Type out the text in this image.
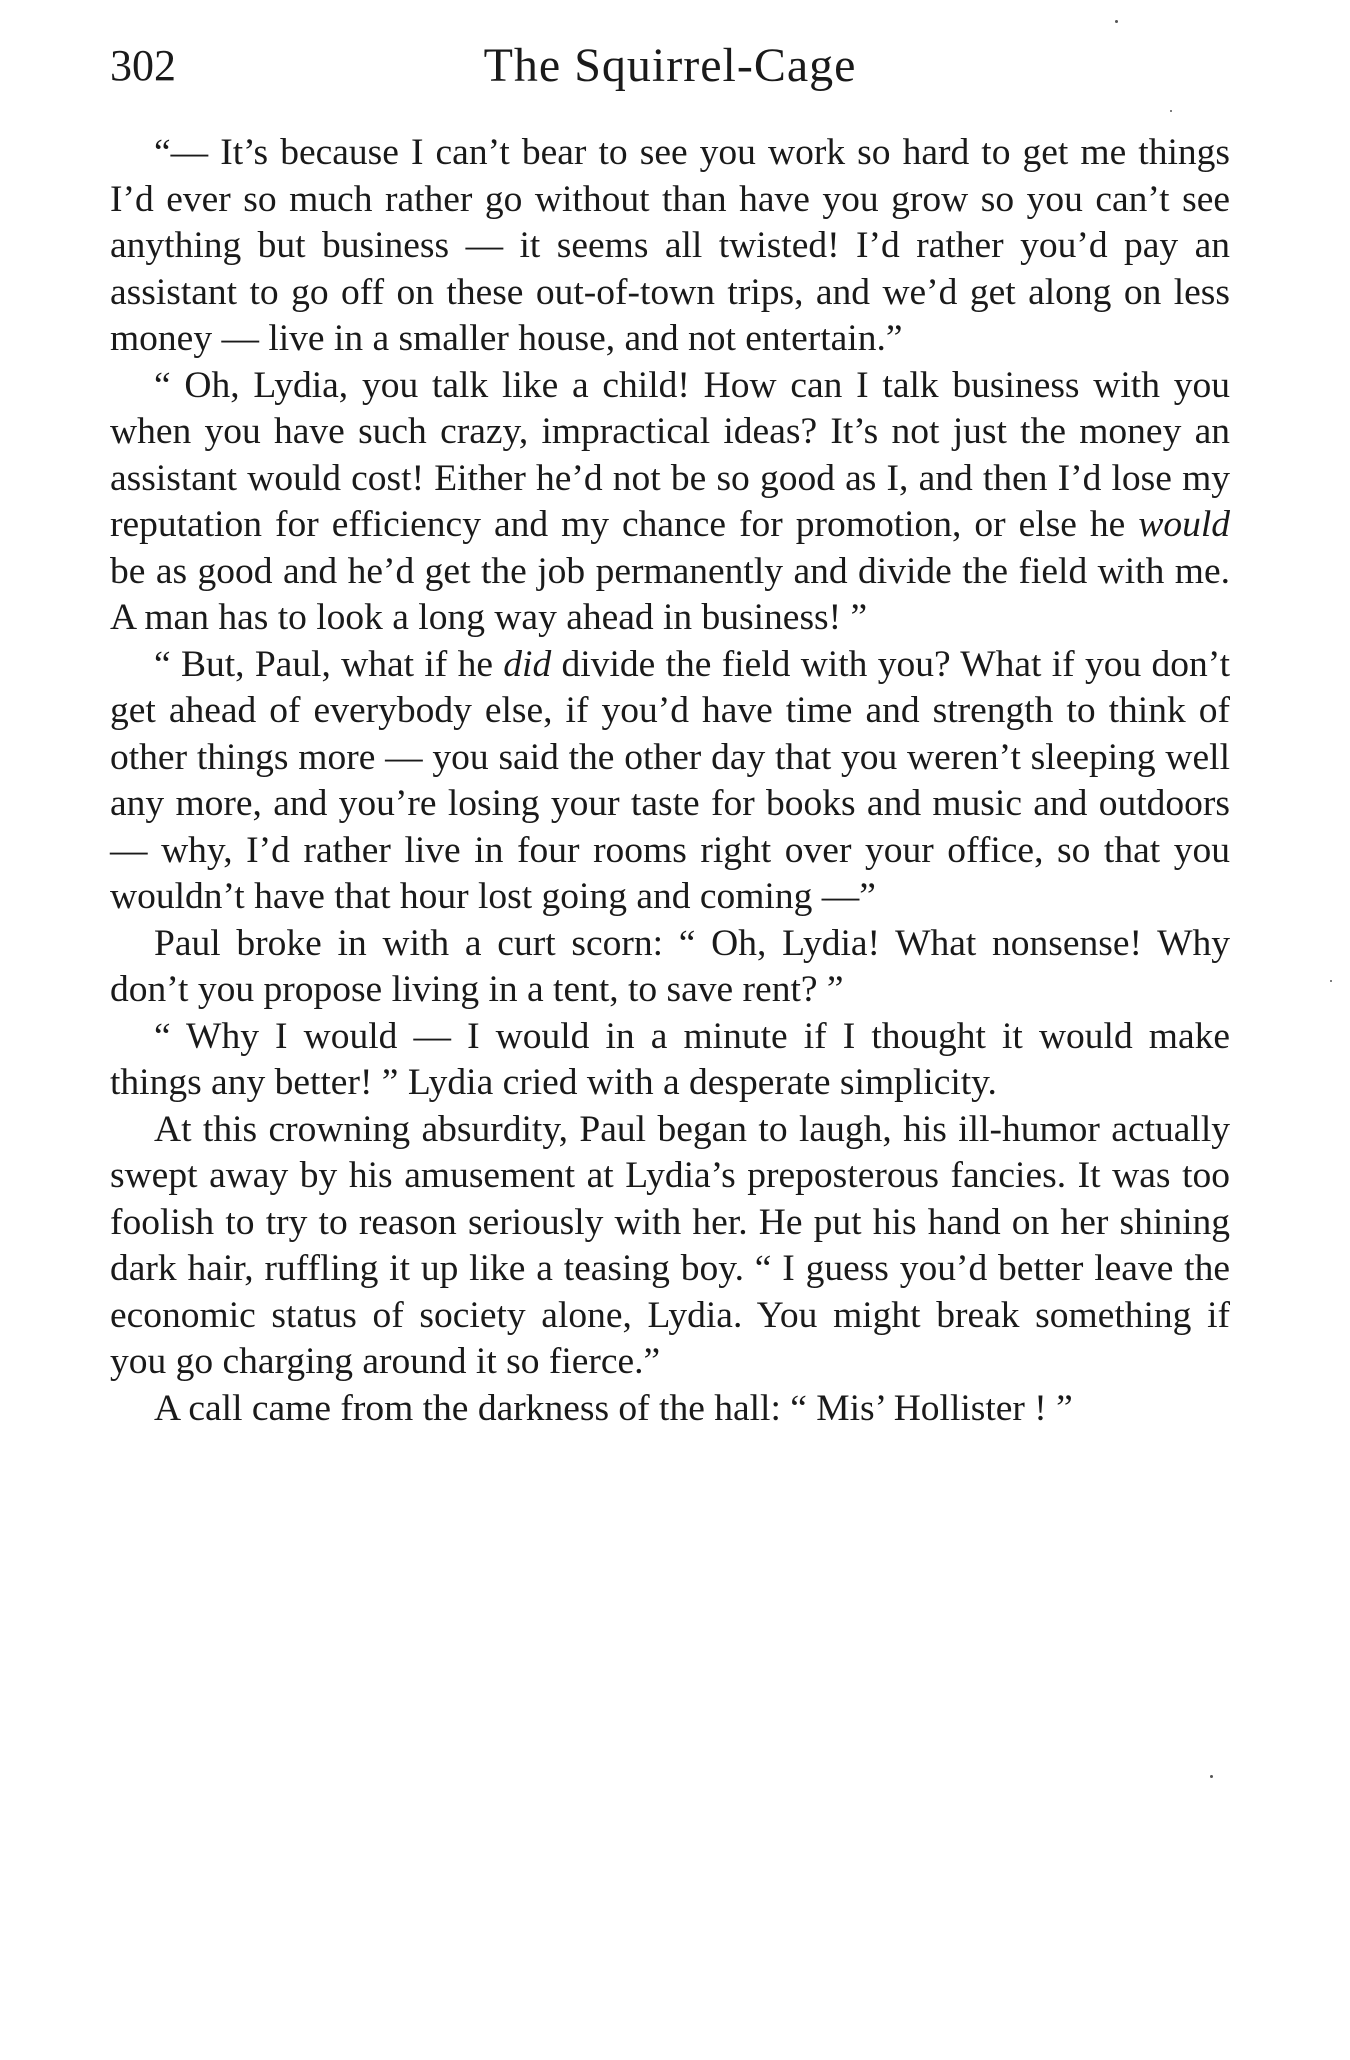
302	The Squirrel-Cage

“— It’s because I can’t bear to see you work so hard to get me things I’d ever so much rather go without than have you grow so you can’t see anything but business — it seems all twisted! I’d rather you’d pay an assistant to go off on these out-of-town trips, and we’d get along on less money — live in a smaller house, and not entertain.”

“ Oh, Lydia, you talk like a child! How can I talk business with you when you have such crazy, impractical ideas? It’s not just the money an assistant would cost! Either he’d not be so good as I, and then I’d lose my reputation for efficiency and my chance for promotion, or else he would be as good and he’d get the job permanently and divide the field with me. A man has to look a long way ahead in business! ”

“ But, Paul, what if he did divide the field with you? What if you don’t get ahead of everybody else, if you’d have time and strength to think of other things more — you said the other day that you weren’t sleeping well any more, and you’re losing your taste for books and music and outdoors — why, I’d rather live in four rooms right over your office, so that you wouldn’t have that hour lost going and coming —”

Paul broke in with a curt scorn: “ Oh, Lydia! What nonsense! Why don’t you propose living in a tent, to save rent? ”

“ Why I would — I would in a minute if I thought it would make things any better! ” Lydia cried with a desperate simplicity.

At this crowning absurdity, Paul began to laugh, his ill-humor actually swept away by his amusement at Lydia’s preposterous fancies. It was too foolish to try to reason seriously with her. He put his hand on her shining dark hair, ruffling it up like a teasing boy. “ I guess you’d better leave the economic status of society alone, Lydia. You might break something if you go charging around it so fierce.”

A call came from the darkness of the hall: “ Mis’ Hollister ! ”
